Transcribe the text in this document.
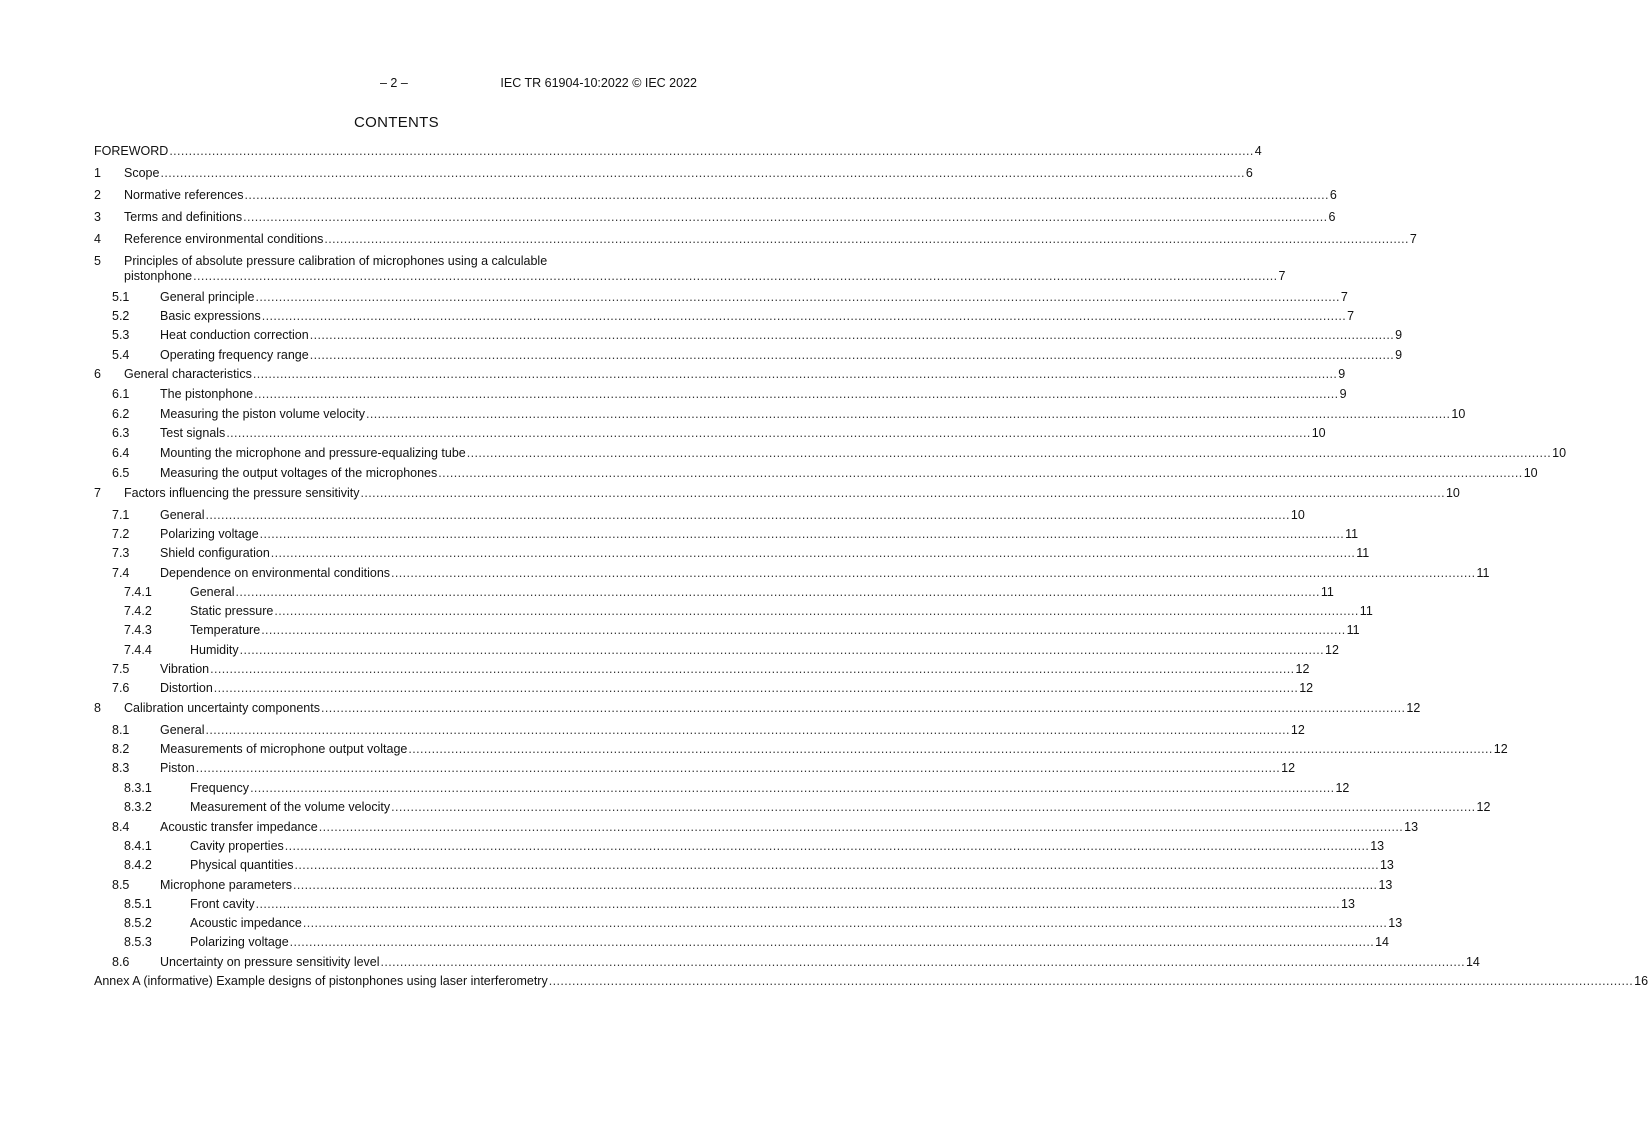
– 2 –	IEC TR 61904-10:2022 © IEC 2022
CONTENTS
FOREWORD .....	4
1	Scope .....	6
2	Normative references .....	6
3	Terms and definitions .....	6
4	Reference environmental conditions .....	7
5 Principles of absolute pressure calibration of microphones using a calculable
pistonphone .....	7
5.1	General principle .....	7
5.2	Basic expressions .....	7
5.3	Heat conduction correction .....	9
5.4	Operating frequency range .....	9
6	General characteristics .....	9
6.1	The pistonphone .....	9
6.2	Measuring the piston volume velocity .....	10
6.3	Test signals .....	10
6.4	Mounting the microphone and pressure-equalizing tube .....	10
6.5	Measuring the output voltages of the microphones .....	10
7	Factors influencing the pressure sensitivity .....	10
7.1	General .....	10
7.2	Polarizing voltage .....	11
7.3	Shield configuration .....	11
7.4	Dependence on environmental conditions .....	11
7.4.1	General .....	11
7.4.2	Static pressure .....	11
7.4.3	Temperature .....	11
7.4.4	Humidity .....	12
7.5	Vibration .....	12
7.6	Distortion .....	12
8	Calibration uncertainty components .....	12
8.1	General .....	12
8.2	Measurements of microphone output voltage .....	12
8.3	Piston .....	12
8.3.1	Frequency .....	12
8.3.2	Measurement of the volume velocity .....	12
8.4	Acoustic transfer impedance .....	13
8.4.1	Cavity properties .....	13
8.4.2	Physical quantities .....	13
8.5	Microphone parameters .....	13
8.5.1	Front cavity .....	13
8.5.2	Acoustic impedance .....	13
8.5.3	Polarizing voltage .....	14
8.6	Uncertainty on pressure sensitivity level .....	14
Annex A (informative) Example designs of pistonphones using laser interferometry .....	16
